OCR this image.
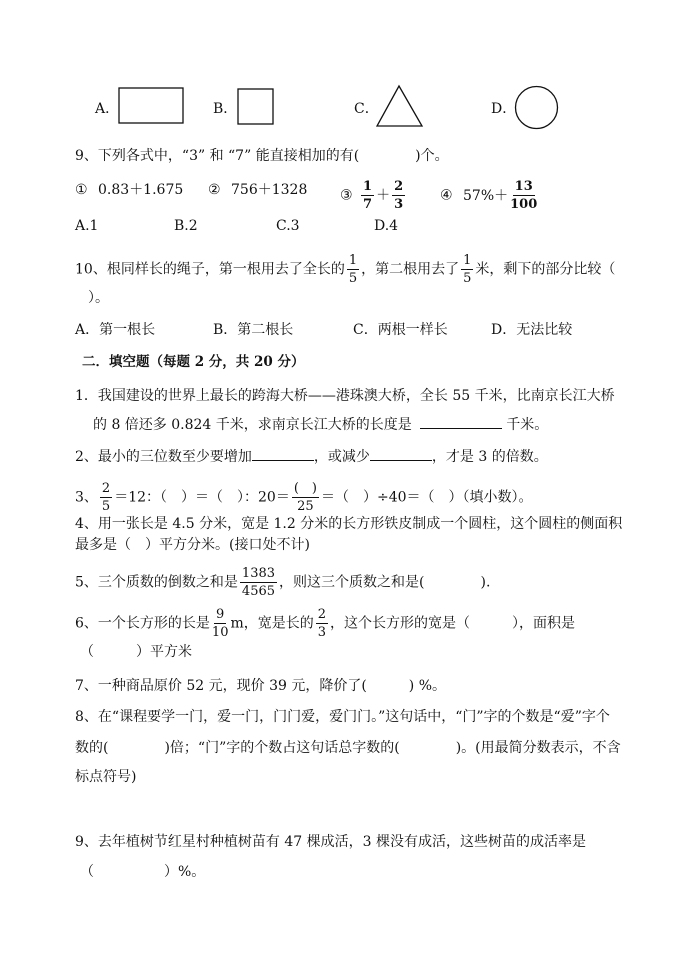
A．	B．	C．	D．
9、下列各式中，“3” 和 “7” 能直接相加的有(　　　　)个。
① 0.83＋1.675 ② 756＋1328 ③ $\frac{1}{7} + \frac{2}{3}$ ④ $57\%+ \frac{13}{100}$
A.1	B.2	C.3	D.4
10、根同样长的绳子，第一根用去了全长的 $\frac{1}{5}$ ，第二根用去了 $\frac{1}{5}$ 米，剩下的部分比较（
）。
A．第一根长	B．第二根长	C．两根一样长	D．无法比较
二．填空题（每题 2 分，共 20 分）
1．我国建设的世界上最长的跨海大桥——港珠澳大桥，全长 55 千米，比南京长江大桥
的 8 倍还多 0.824 千米，求南京长江大桥的长度是	千米。
2、最小的三位数至少要增加	，或减少	，才是 3 的倍数。
3、 $\frac{2}{5} =12$：（　）＝（　）：$20= \frac{( )}{25}$ ＝（　）÷40＝（　）（填小数）。
4、用一张长是 4.5 分米，宽是 1.2 分米的长方形铁皮制成一个圆柱，这个圆柱的侧面积
最多是（　）平方分米。(接口处不计)
5、三个质数的倒数之和是 $\frac{1383}{4565}$ ，则这三个质数之和是(　　　　).
6、一个长方形的长是 $\frac{9}{10}$ m，宽是长的 $\frac{2}{3}$ ，这个长方形的宽是（　　　），面积是
（　　　）平方米
7、一种商品原价 52 元，现价 39 元，降价了(　　　) %。
8、在“课程要学一门，爱一门，门门爱，爱门门。”这句话中，“门”字的个数是“爱”字个
数的(　　　　)倍；“门”字的个数占这句话总字数的(　　　　)。(用最简分数表示，不含
标点符号)
9、去年植树节红星村种植树苗有 47 棵成活，3 棵没有成活，这些树苗的成活率是
（　　　　　）%。
